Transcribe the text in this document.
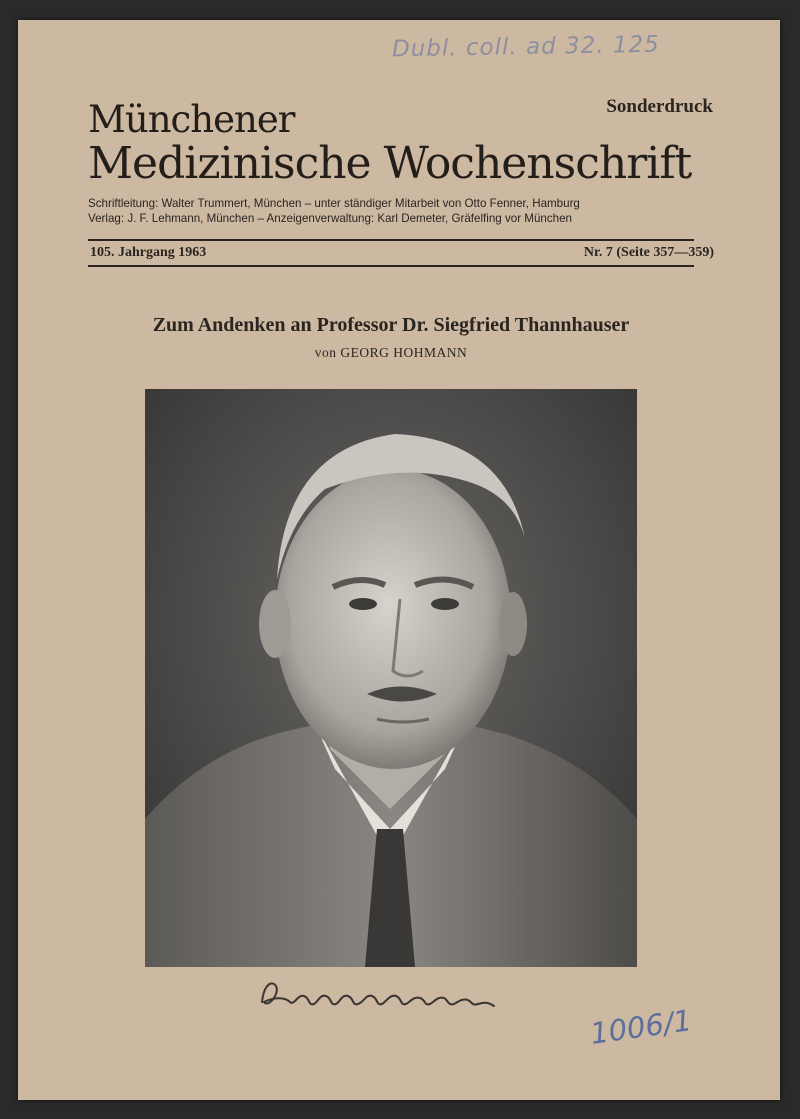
Dubl. coll. ad 32. 125
Sonderdruck
Münchener
Medizinische Wochenschrift
Schriftleitung: Walter Trummert, München – unter ständiger Mitarbeit von Otto Fenner, Hamburg
Verlag: J. F. Lehmann, München – Anzeigenverwaltung: Karl Demeter, Gräfelfing vor München
105. Jahrgang 1963	Nr. 7 (Seite 357—359)
Zum Andenken an Professor Dr. Siegfried Thannhauser
von GEORG HOHMANN
1006/1
